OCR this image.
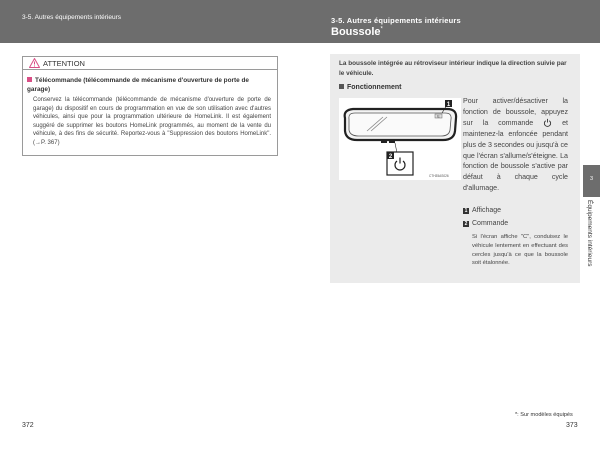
3-5. Autres équipements intérieurs
ATTENTION
Télécommande (télécommande de mécanisme d'ouverture de porte de garage)
Conservez la télécommande (télécommande de mécanisme d'ouverture de porte de garage) du dispositif en cours de programmation en vue de son utilisation avec d'autres véhicules, ainsi que pour la programmation ultérieure de HomeLink. Il est également suggéré de supprimer les boutons HomeLink programmés, au moment de la vente du véhicule, à des fins de sécurité. Reportez-vous à "Suppression des boutons HomeLink". (→P. 367)
372
3-5. Autres équipements intérieurs
Boussole*
La boussole intégrée au rétroviseur intérieur indique la direction suivie par le véhicule.
Fonctionnement
1
E
2
CTH35AS026
Pour activer/désactiver la fonction de boussole, appuyez sur la commande	et maintenez-la enfoncée pendant plus de 3 secondes ou jusqu'à ce que l'écran s'allume/s'éteigne. La fonction de boussole s'active par défaut à chaque cycle d'allumage.
1 Affichage
2 Commande
Si l'écran affiche "C", conduisez le véhicule lentement en effectuant des cercles jusqu'à ce que la boussole soit étalonnée.
3
Équipements intérieurs
*: Sur modèles équipés
373
